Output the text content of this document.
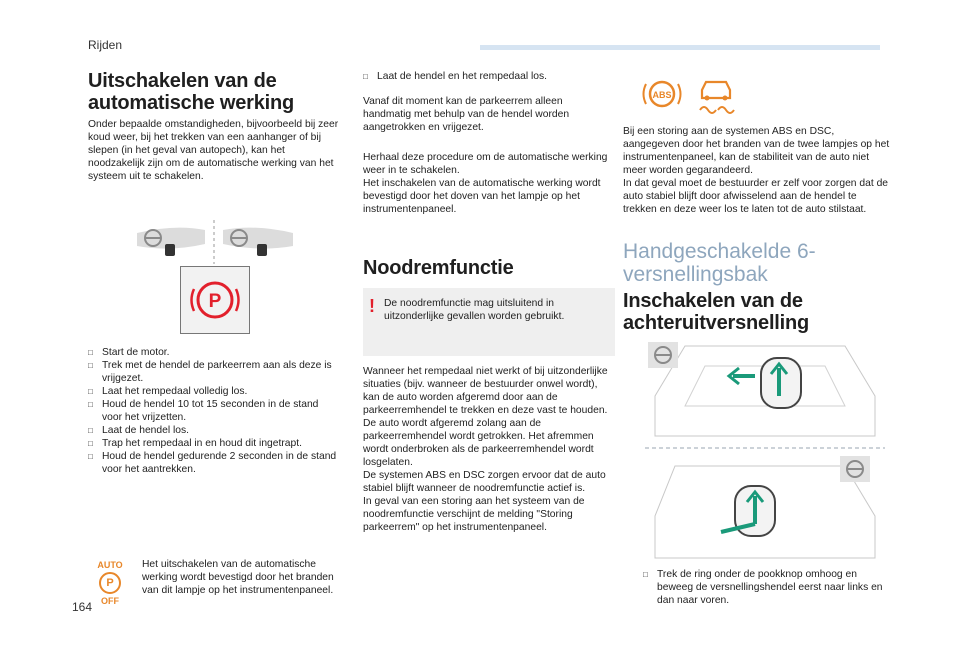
Rijden
Uitschakelen van de automatische werking
Onder bepaalde omstandigheden, bijvoorbeeld bij zeer koud weer, bij het trekken van een aanhanger of bij slepen (in het geval van autopech), kan het noodzakelijk zijn om de automatische werking van het systeem uit te schakelen.
P
□ Start de motor.
□ Trek met de hendel de parkeerrem aan als deze is vrijgezet.
□ Laat het rempedaal volledig los.
□ Houd de hendel 10 tot 15 seconden in de stand voor het vrijzetten.
□ Laat de hendel los.
□ Trap het rempedaal in en houd dit ingetrapt.
□ Houd de hendel gedurende 2 seconden in de stand voor het aantrekken.
AUTO
P
OFF
Het uitschakelen van de automatische werking wordt bevestigd door het branden van dit lampje op het instrumentenpaneel.
□ Laat de hendel en het rempedaal los.
Vanaf dit moment kan de parkeerrem alleen handmatig met behulp van de hendel worden aangetrokken en vrijgezet.
Herhaal deze procedure om de automatische werking weer in te schakelen.
Het inschakelen van de automatische werking wordt bevestigd door het doven van het lampje op het instrumentenpaneel.
Noodremfunctie
! De noodremfunctie mag uitsluitend in uitzonderlijke gevallen worden gebruikt.
Wanneer het rempedaal niet werkt of bij uitzonderlijke situaties (bijv. wanneer de bestuurder onwel wordt), kan de auto worden afgeremd door aan de parkeerremhendel te trekken en deze vast te houden. De auto wordt afgeremd zolang aan de parkeerremhendel wordt getrokken. Het afremmen wordt onderbroken als de parkeerremhendel wordt losgelaten.
De systemen ABS en DSC zorgen ervoor dat de auto stabiel blijft wanneer de noodremfunctie actief is.
In geval van een storing aan het systeem van de noodremfunctie verschijnt de melding "Storing parkeerrem" op het instrumentenpaneel.
ABS
Bij een storing aan de systemen ABS en DSC, aangegeven door het branden van de twee lampjes op het instrumentenpaneel, kan de stabiliteit van de auto niet meer worden gegarandeerd.
In dat geval moet de bestuurder er zelf voor zorgen dat de auto stabiel blijft door afwisselend aan de hendel te trekken en deze weer los te laten tot de auto stilstaat.
Handgeschakelde 6-versnellingsbak
Inschakelen van de achteruitversnelling
□ Trek de ring onder de pookknop omhoog en beweeg de versnellingshendel eerst naar links en dan naar voren.
164
